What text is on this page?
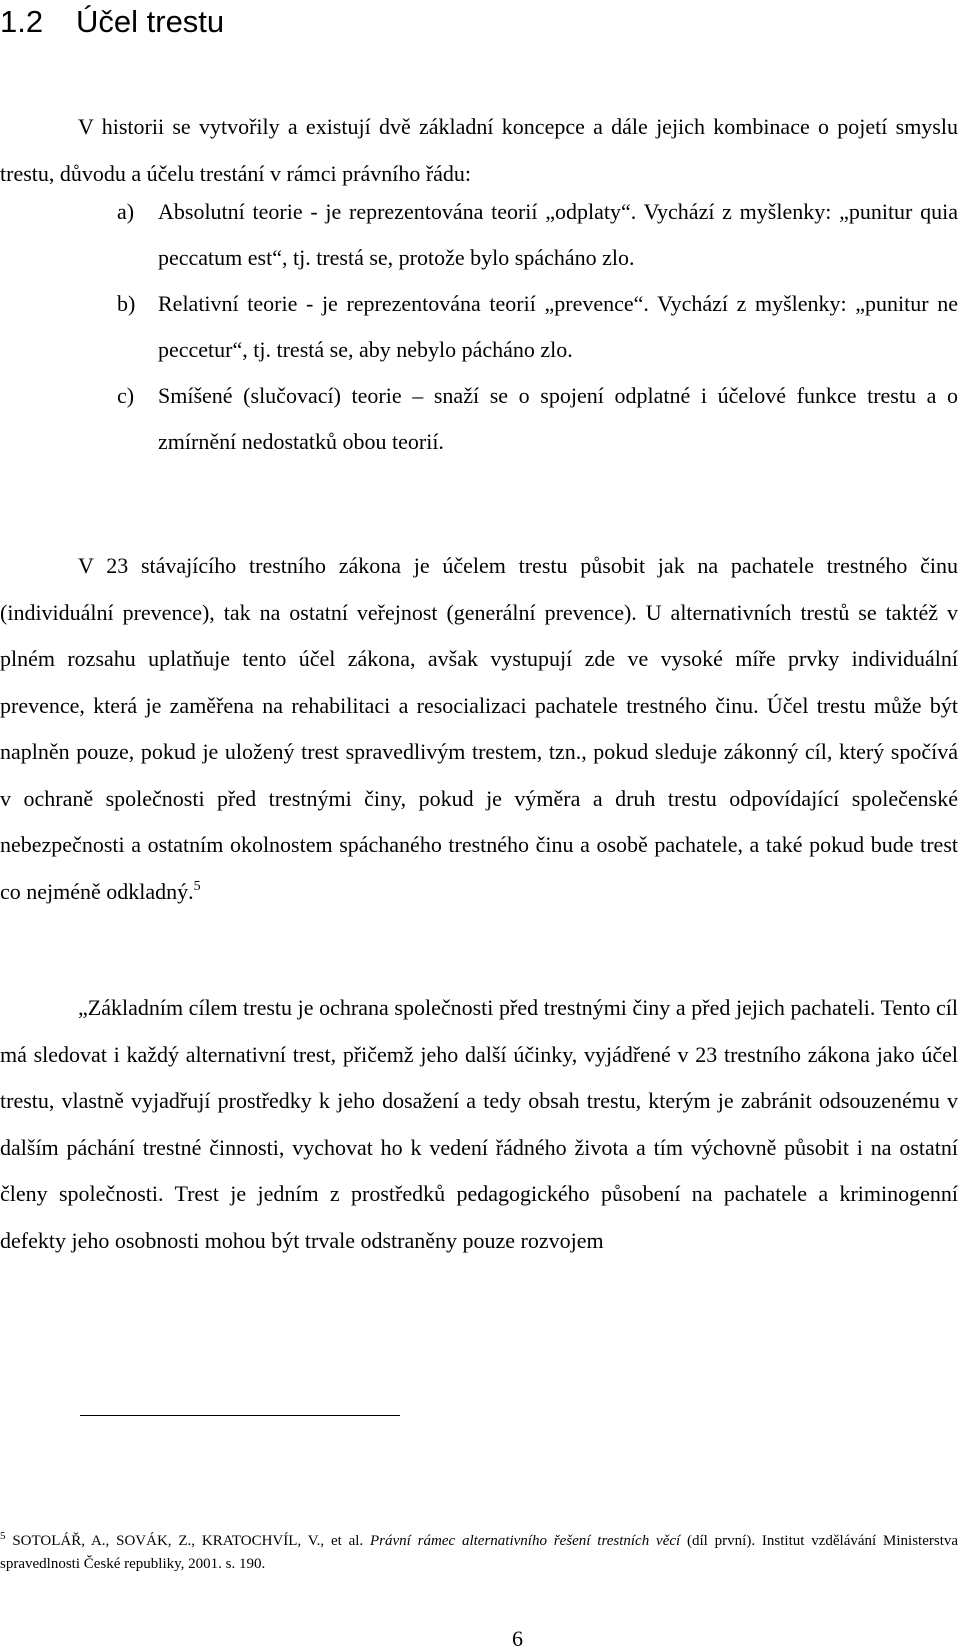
1.2 Účel trestu

V historii se vytvořily a existují dvě základní koncepce a dále jejich kombinace o pojetí smyslu trestu, důvodu a účelu trestání v rámci právního řádu:

a) Absolutní teorie - je reprezentována teorií „odplaty“. Vychází z myšlenky: „punitur quia peccatum est“, tj. trestá se, protože bylo spácháno zlo.
b) Relativní teorie - je reprezentována teorií „prevence“. Vychází z myšlenky: „punitur ne peccetur“, tj. trestá se, aby nebylo pácháno zlo.
c) Smíšené (slučovací) teorie – snaží se o spojení odplatné i účelové funkce trestu a o zmírnění nedostatků obou teorií.

V 23 stávajícího trestního zákona je účelem trestu působit jak na pachatele trestného činu (individuální prevence), tak na ostatní veřejnost (generální prevence). U alternativních trestů se taktéž v plném rozsahu uplatňuje tento účel zákona, avšak vystupují zde ve vysoké míře prvky individuální prevence, která je zaměřena na rehabilitaci a resocializaci pachatele trestného činu. Účel trestu může být naplněn pouze, pokud je uložený trest spravedlivým trestem, tzn., pokud sleduje zákonný cíl, který spočívá v ochraně společnosti před trestnými činy, pokud je výměra a druh trestu odpovídající společenské nebezpečnosti a ostatním okolnostem spáchaného trestného činu a osobě pachatele, a také pokud bude trest co nejméně odkladný.$^5$

„Základním cílem trestu je ochrana společnosti před trestnými činy a před jejich pachateli. Tento cíl má sledovat i každý alternativní trest, přičemž jeho další účinky, vyjádřené v 23 trestního zákona jako účel trestu, vlastně vyjadřují prostředky k jeho dosažení a tedy obsah trestu, kterým je zabránit odsouzenému v dalším páchání trestné činnosti, vychovat ho k vedení řádného života a tím výchovně působit i na ostatní členy společnosti. Trest je jedním z prostředků pedagogického působení na pachatele a kriminogenní defekty jeho osobnosti mohou být trvale odstraněny pouze rozvojem

$^5$ SOTOLÁŘ, A., SOVÁK, Z., KRATOCHVÍL, V., et al. Právní rámec alternativního řešení trestních věcí (díl první). Institut vzdělávání Ministerstva spravedlnosti České republiky, 2001. s. 190.

6
